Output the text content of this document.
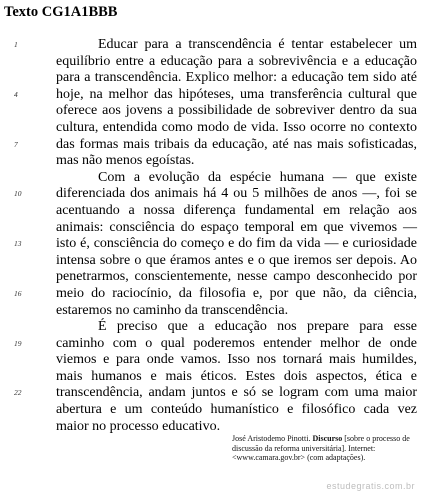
Texto CG1A1BBB
1	Educar para a transcendência é tentar estabelecer um
equilíbrio entre a educação para a sobrevivência e a educação
para a transcendência. Explico melhor: a educação tem sido até
4	hoje, na melhor das hipóteses, uma transferência cultural que
oferece aos jovens a possibilidade de sobreviver dentro da sua
cultura, entendida como modo de vida. Isso ocorre no contexto
7	das formas mais tribais da educação, até nas mais sofisticadas,
mas não menos egoístas.
Com a evolução da espécie humana — que existe
10	diferenciada dos animais há 4 ou 5 milhões de anos —, foi se
acentuando a nossa diferença fundamental em relação aos
animais: consciência do espaço temporal em que vivemos —
13	isto é, consciência do começo e do fim da vida — e curiosidade
intensa sobre o que éramos antes e o que iremos ser depois. Ao
penetrarmos, conscientemente, nesse campo desconhecido por
16	meio do raciocínio, da filosofia e, por que não, da ciência,
estaremos no caminho da transcendência.
É preciso que a educação nos prepare para esse
19	caminho com o qual poderemos entender melhor de onde
viemos e para onde vamos. Isso nos tornará mais humildes,
mais humanos e mais éticos. Estes dois aspectos, ética e
22	transcendência, andam juntos e só se logram com uma maior
abertura e um conteúdo humanístico e filosófico cada vez
maior no processo educativo.
José Aristodemo Pinotti. Discurso [sobre o processo de discussão da reforma universitária]. Internet: <www.camara.gov.br> (com adaptações).
estudegratis.com.br
